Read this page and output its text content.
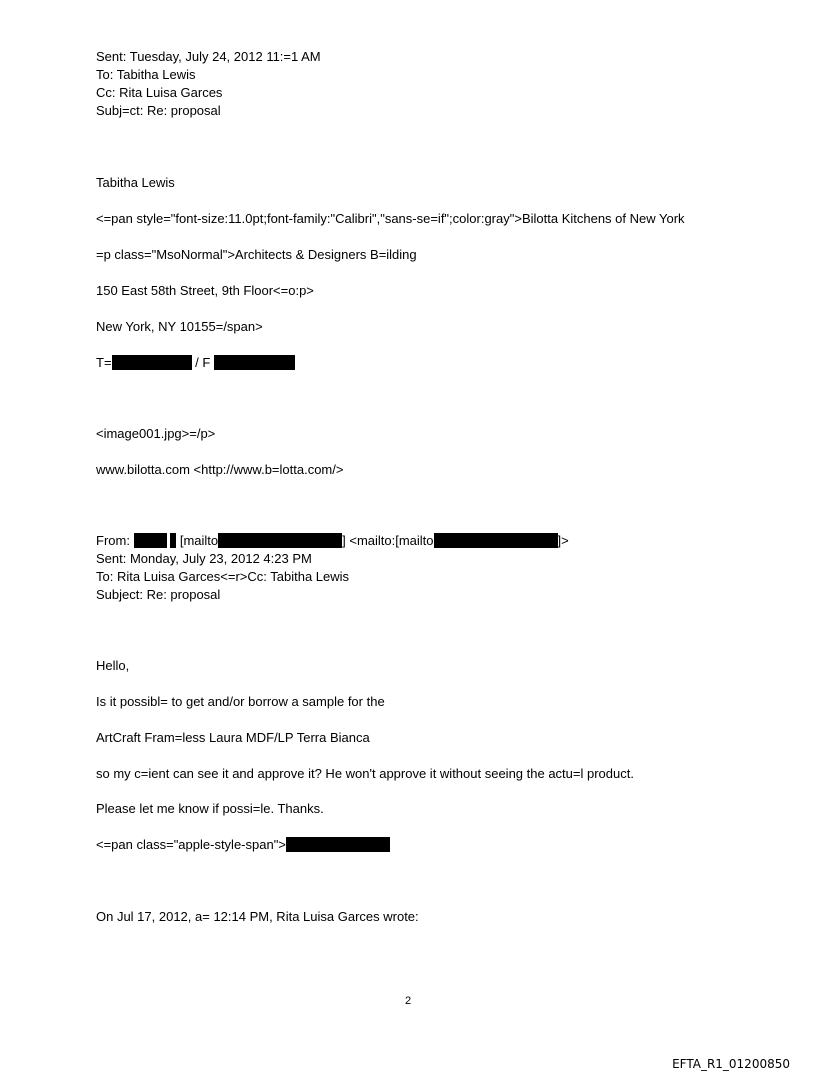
Sent: Tuesday, July 24, 2012 11:=1 AM
To: Tabitha Lewis
Cc: Rita Luisa Garces
Subj=ct: Re: proposal
Tabitha Lewis
<=pan style="font-size:11.0pt;font-family:"Calibri","sans-se=if";color:gray">Bilotta Kitchens of New York
=p class="MsoNormal">Architects & Designers B=ilding
150 East 58th Street, 9th Floor<=o:p>
New York, NY 10155=/span>
T=	/ F
<image001.jpg>=/p>
www.bilotta.com <http://www.b=lotta.com/>
From:	[mailto	] <mailto:[mailto	]>
Sent: Monday, July 23, 2012 4:23 PM
To: Rita Luisa Garces<=r>Cc: Tabitha Lewis
Subject: Re: proposal
Hello,
Is it possibl= to get and/or borrow a sample for the
ArtCraft Fram=less Laura MDF/LP Terra Bianca
so my c=ient can see it and approve it? He won't approve it without seeing the actu=l product.
Please let me know if possi=le. Thanks.
<=pan class="apple-style-span">
On Jul 17, 2012, a= 12:14 PM, Rita Luisa Garces wrote:
2
EFTA_R1_01200850
